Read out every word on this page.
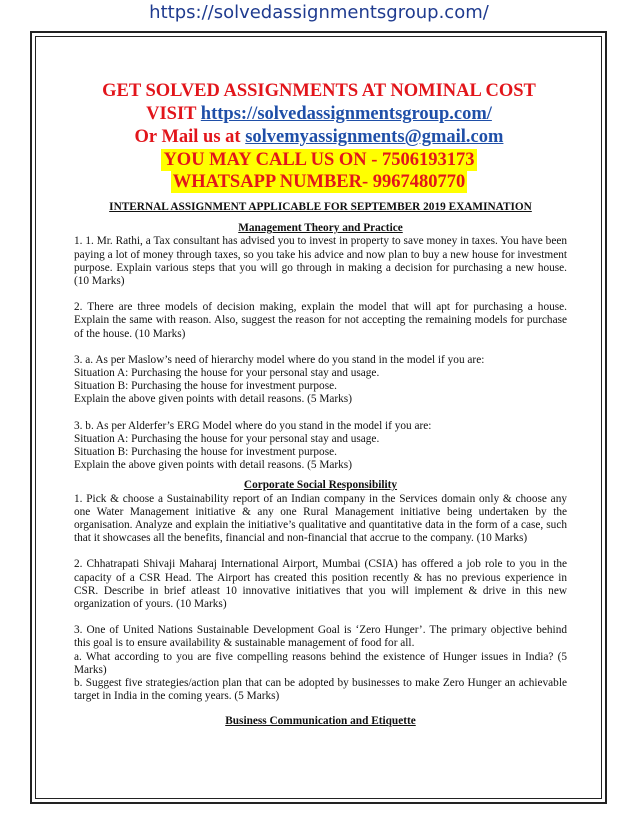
https://solvedassignmentsgroup.com/
GET SOLVED ASSIGNMENTS AT NOMINAL COST
VISIT https://solvedassignmentsgroup.com/
Or Mail us at solvemyassignments@gmail.com
YOU MAY CALL US ON - 7506193173
WHATSAPP NUMBER- 9967480770

INTERNAL ASSIGNMENT APPLICABLE FOR SEPTEMBER 2019 EXAMINATION

Management Theory and Practice

1. 1. Mr. Rathi, a Tax consultant has advised you to invest in property to save money in taxes. You have been paying a lot of money through taxes, so you take his advice and now plan to buy a new house for investment purpose. Explain various steps that you will go through in making a decision for purchasing a new house. (10 Marks)

2. There are three models of decision making, explain the model that will apt for purchasing a house. Explain the same with reason. Also, suggest the reason for not accepting the remaining models for purchase of the house. (10 Marks)

3. a. As per Maslow’s need of hierarchy model where do you stand in the model if you are:

Situation A: Purchasing the house for your personal stay and usage.

Situation B: Purchasing the house for investment purpose.

Explain the above given points with detail reasons. (5 Marks)

3. b. As per Alderfer’s ERG Model where do you stand in the model if you are:

Situation A: Purchasing the house for your personal stay and usage.

Situation B: Purchasing the house for investment purpose.

Explain the above given points with detail reasons. (5 Marks)

Corporate Social Responsibility

1. Pick & choose a Sustainability report of an Indian company in the Services domain only & choose any one Water Management initiative & any one Rural Management initiative being undertaken by the organisation. Analyze and explain the initiative’s qualitative and quantitative data in the form of a case, such that it showcases all the benefits, financial and non-financial that accrue to the company. (10 Marks)

2. Chhatrapati Shivaji Maharaj International Airport, Mumbai (CSIA) has offered a job role to you in the capacity of a CSR Head. The Airport has created this position recently & has no previous experience in CSR. Describe in brief atleast 10 innovative initiatives that you will implement & drive in this new organization of yours. (10 Marks)

3. One of United Nations Sustainable Development Goal is ‘Zero Hunger’. The primary objective behind this goal is to ensure availability & sustainable management of food for all.

a. What according to you are five compelling reasons behind the existence of Hunger issues in India? (5 Marks)

b. Suggest five strategies/action plan that can be adopted by businesses to make Zero Hunger an achievable target in India in the coming years. (5 Marks)

Business Communication and Etiquette
